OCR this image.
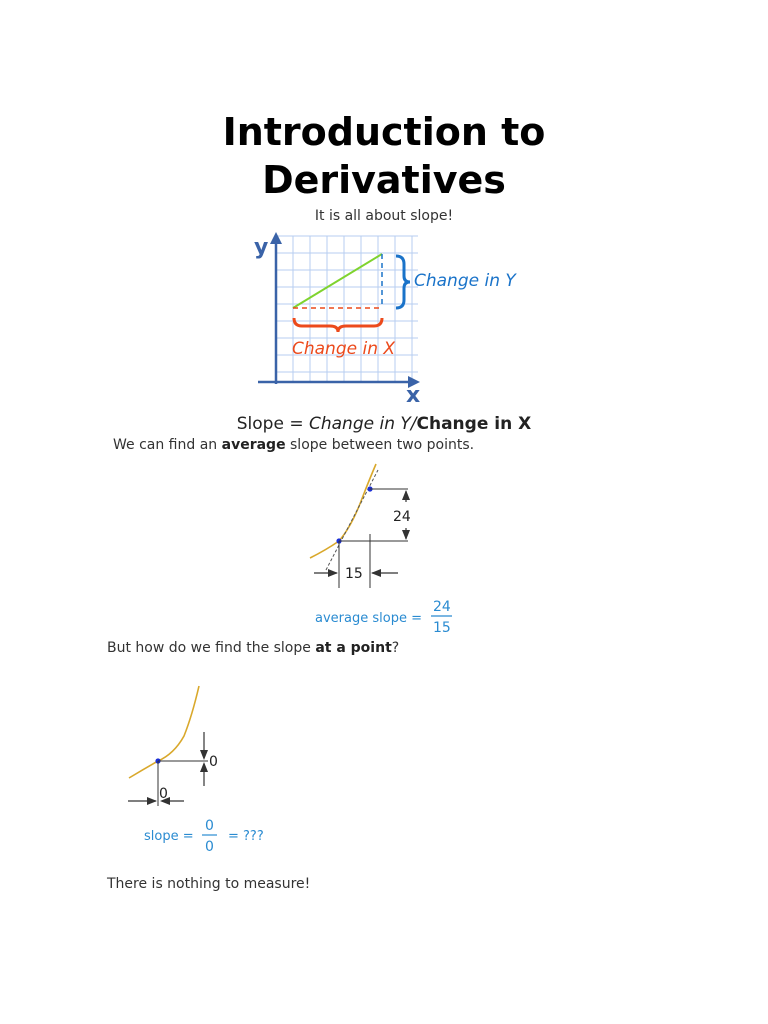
Introduction to
Derivatives
It is all about slope!
y
x
Change in Y
Change in X
Slope = Change in Y/Change in X
We can find an average slope between two points.
24
15
average slope =
24
15
But how do we find the slope at a point?
0
0
slope =
0
0
= ???
There is nothing to measure!
